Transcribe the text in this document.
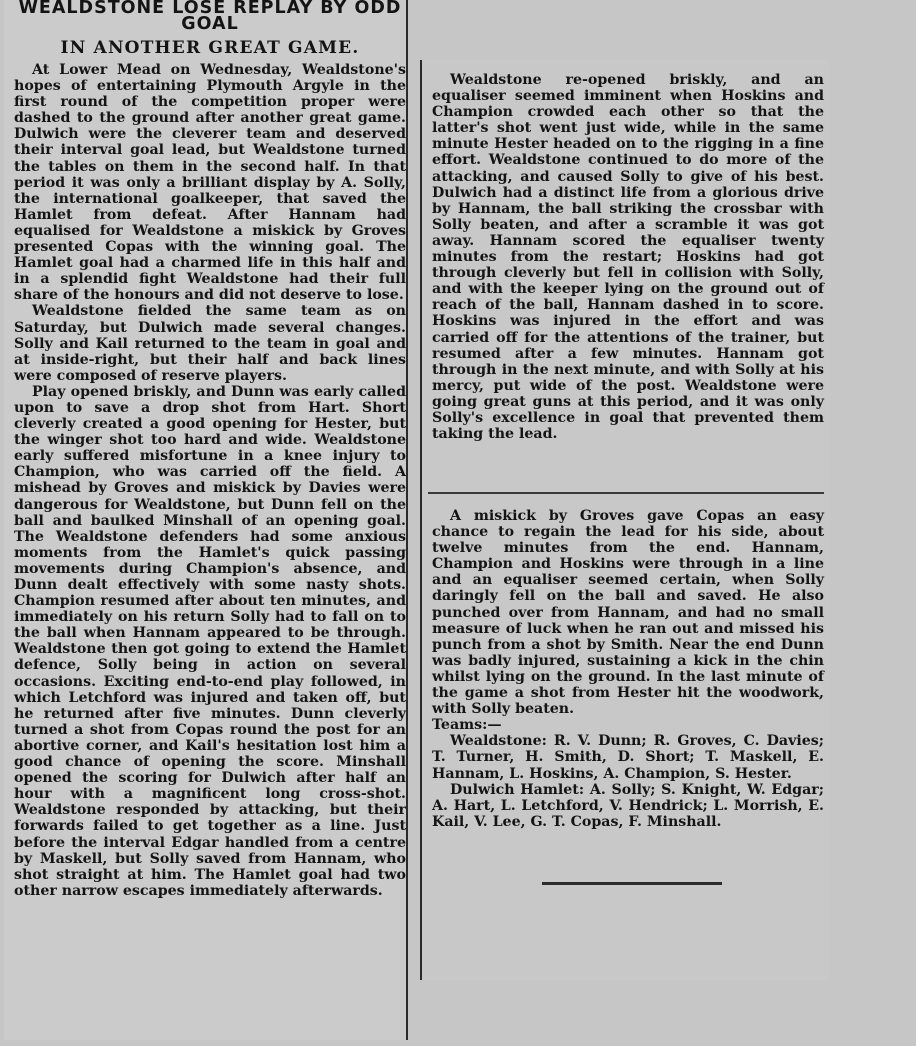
WEALDSTONE LOSE REPLAY BY ODD GOAL
IN ANOTHER GREAT GAME.

At Lower Mead on Wednesday, Wealdstone's hopes of entertaining Plymouth Argyle in the first round of the competition proper were dashed to the ground after another great game. Dulwich were the cleverer team and deserved their interval goal lead, but Wealdstone turned the tables on them in the second half. In that period it was only a brilliant display by A. Solly, the international goalkeeper, that saved the Hamlet from defeat. After Hannam had equalised for Wealdstone a miskick by Groves presented Copas with the winning goal. The Hamlet goal had a charmed life in this half and in a splendid fight Wealdstone had their full share of the honours and did not deserve to lose.

Wealdstone fielded the same team as on Saturday, but Dulwich made several changes. Solly and Kail returned to the team in goal and at inside-right, but their half and back lines were composed of reserve players.

Play opened briskly, and Dunn was early called upon to save a drop shot from Hart. Short cleverly created a good opening for Hester, but the winger shot too hard and wide. Wealdstone early suffered misfortune in a knee injury to Champion, who was carried off the field. A mishead by Groves and miskick by Davies were dangerous for Wealdstone, but Dunn fell on the ball and baulked Minshall of an opening goal. The Wealdstone defenders had some anxious moments from the Hamlet's quick passing movements during Champion's absence, and Dunn dealt effectively with some nasty shots. Champion resumed after about ten minutes, and immediately on his return Solly had to fall on to the ball when Hannam appeared to be through. Wealdstone then got going to extend the Hamlet defence, Solly being in action on several occasions. Exciting end-to-end play followed, in which Letchford was injured and taken off, but he returned after five minutes. Dunn cleverly turned a shot from Copas round the post for an abortive corner, and Kail's hesitation lost him a good chance of opening the score. Minshall opened the scoring for Dulwich after half an hour with a magnificent long cross-shot. Wealdstone responded by attacking, but their forwards failed to get together as a line. Just before the interval Edgar handled from a centre by Maskell, but Solly saved from Hannam, who shot straight at him. The Hamlet goal had two other narrow escapes immediately afterwards.

Wealdstone re-opened briskly, and an equaliser seemed imminent when Hoskins and Champion crowded each other so that the latter's shot went just wide, while in the same minute Hester headed on to the rigging in a fine effort. Wealdstone continued to do more of the attacking, and caused Solly to give of his best. Dulwich had a distinct life from a glorious drive by Hannam, the ball striking the crossbar with Solly beaten, and after a scramble it was got away. Hannam scored the equaliser twenty minutes from the restart; Hoskins had got through cleverly but fell in collision with Solly, and with the keeper lying on the ground out of reach of the ball, Hannam dashed in to score. Hoskins was injured in the effort and was carried off for the attentions of the trainer, but resumed after a few minutes. Hannam got through in the next minute, and with Solly at his mercy, put wide of the post. Wealdstone were going great guns at this period, and it was only Solly's excellence in goal that prevented them taking the lead.

A miskick by Groves gave Copas an easy chance to regain the lead for his side, about twelve minutes from the end. Hannam, Champion and Hoskins were through in a line and an equaliser seemed certain, when Solly daringly fell on the ball and saved. He also punched over from Hannam, and had no small measure of luck when he ran out and missed his punch from a shot by Smith. Near the end Dunn was badly injured, sustaining a kick in the chin whilst lying on the ground. In the last minute of the game a shot from Hester hit the woodwork, with Solly beaten.

Teams:—

Wealdstone: R. V. Dunn; R. Groves, C. Davies; T. Turner, H. Smith, D. Short; T. Maskell, E. Hannam, L. Hoskins, A. Champion, S. Hester.

Dulwich Hamlet: A. Solly; S. Knight, W. Edgar; A. Hart, L. Letchford, V. Hendrick; L. Morrish, E. Kail, V. Lee, G. T. Copas, F. Minshall.
